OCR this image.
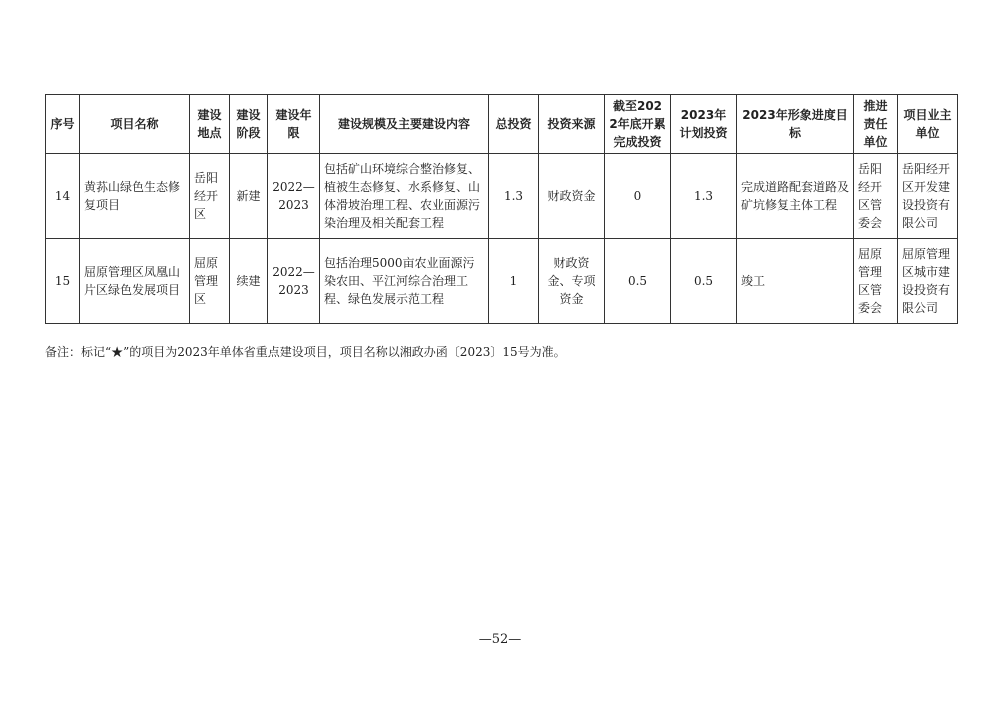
序号	项目名称	建设地点	建设阶段	建设年限	建设规模及主要建设内容	总投资	投资来源	截至2022年底开累完成投资	2023年计划投资	2023年形象进度目标	推进责任单位	项目业主单位
14	黄荪山绿色生态修复项目	岳阳经开区	新建	2022—2023	包括矿山环境综合整治修复、植被生态修复、水系修复、山体滑坡治理工程、农业面源污染治理及相关配套工程	1.3	财政资金	0	1.3	完成道路配套道路及矿坑修复主体工程	岳阳经开区管委会	岳阳经开区开发建设投资有限公司
15	屈原管理区凤凰山片区绿色发展项目	屈原管理区	续建	2022—2023	包括治理5000亩农业面源污染农田、平江河综合治理工程、绿色发展示范工程	1	财政资金、专项资金	0.5	0.5	竣工	屈原管理区管委会	屈原管理区城市建设投资有限公司
备注：标记“★”的项目为2023年单体省重点建设项目，项目名称以湘政办函〔2023〕15号为准。
—52—
